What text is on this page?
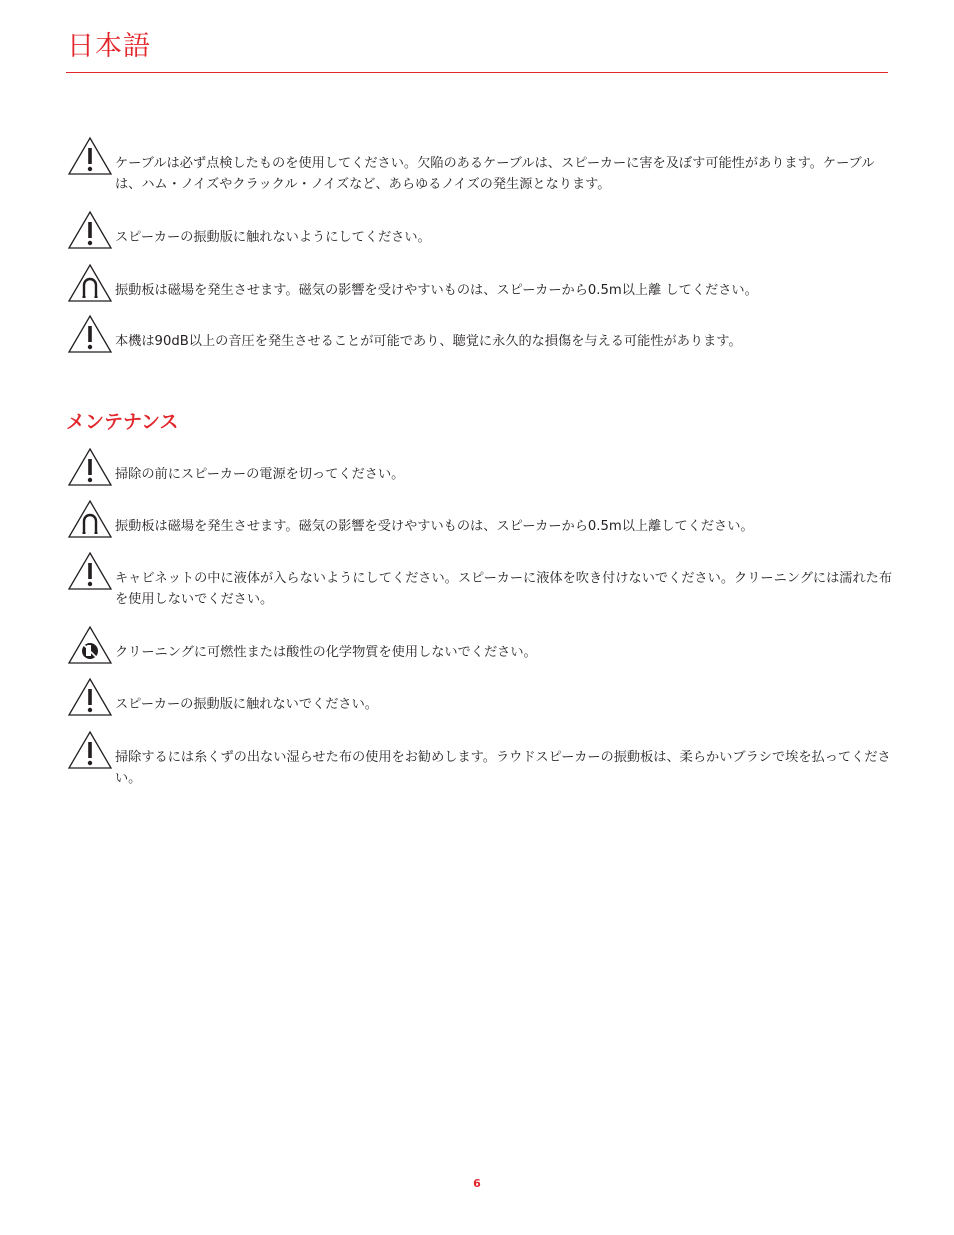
日本語
ケーブルは必ず点検したものを使用してください。欠陥のあるケーブルは、スピーカーに害を及ぼす可能性があります。ケーブルは、ハム・ノイズやクラックル・ノイズなど、あらゆるノイズの発生源となります。
スピーカーの振動版に触れないようにしてください。
振動板は磁場を発生させます。磁気の影響を受けやすいものは、スピーカーから0.5m以上離 してください。
本機は90dB以上の音圧を発生させることが可能であり、聴覚に永久的な損傷を与える可能性があります。
メンテナンス
掃除の前にスピーカーの電源を切ってください。
振動板は磁場を発生させます。磁気の影響を受けやすいものは、スピーカーから0.5m以上離してください。
キャビネットの中に液体が入らないようにしてください。スピーカーに液体を吹き付けないでください。クリーニングには濡れた布を使用しないでください。
クリーニングに可燃性または酸性の化学物質を使用しないでください。
スピーカーの振動版に触れないでください。
掃除するには糸くずの出ない湿らせた布の使用をお勧めします。ラウドスピーカーの振動板は、柔らかいブラシで埃を払ってください。
6
